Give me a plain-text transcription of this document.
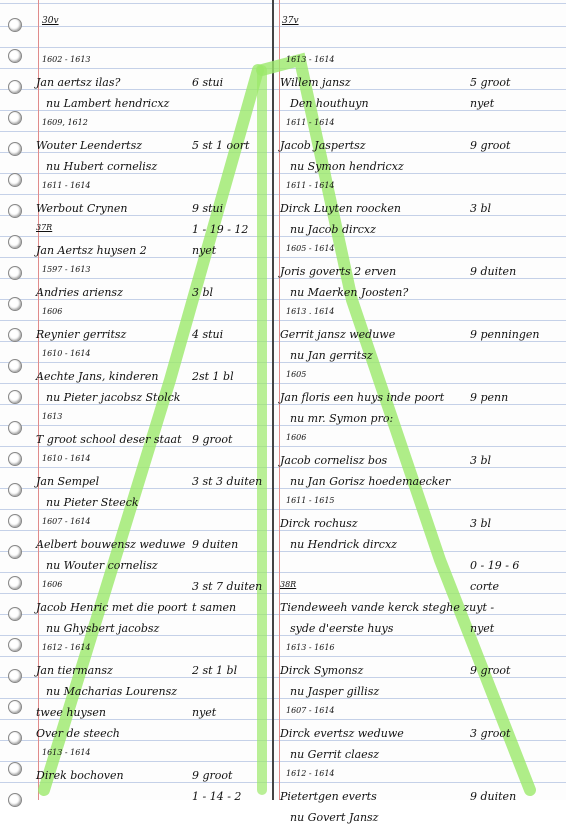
30v	37v
1602 - 1613
Jan aertsz ilas?	6 stui
nu Lambert hendricxz
1609, 1612
Wouter Leendertsz	5 st 1 oort
nu Hubert cornelisz
1611 - 1614
Werbout Crynen	9 stui
37R	1 - 19 - 12
Jan Aertsz huysen 2	nyet
1597 - 1613
Andries ariensz	3 bl
1606
Reynier gerritsz	4 stui
1610 - 1614
Aechte Jans, kinderen	2st 1 bl
nu Pieter jacobsz Stolck
1613
T groot school deser staat 9 groot
1610 - 1614
Jan Sempel	3 st 3 duiten
nu Pieter Steeck
1607 - 1614
Aelbert bouwensz weduwe 9 duiten
nu Wouter cornelisz
1606	3 st 7 duiten
Jacob Henric met die poort t samen
nu Ghysbert jacobsz
1612 - 1614
Jan tiermansz	2 st 1 bl
nu Macharias Lourensz
twee huysen	nyet
Over de steech
1613 - 1614
Direk bochoven	9 groot
1 - 14 - 2
1613 - 1614
Willem jansz	5 groot
Den houthuyn	nyet
1611 - 1614
Jacob Jaspertsz	9 groot
nu Symon hendricxz
1611 - 1614
Dirck Luyten roocken	3 bl
nu Jacob dircxz
1605 - 1614
Joris goverts 2 erven	9 duiten
nu Maerken Joosten?
1613 . 1614
Gerrit jansz weduwe	9 penningen
nu Jan gerritsz
1605
Jan floris een huys inde poort 9 penn
nu mr. Symon pro:
1606
Jacob cornelisz bos	3 bl
nu Jan Gorisz hoedemaecker
1611 - 1615
Dirck rochusz	3 bl
nu Hendrick dircxz
0 - 19 - 6
38R	corte
Tiendeweeh vande kerck steghe zuyt -
syde d'eerste huys	nyet
1613 - 1616
Dirck Symonsz	9 groot
nu Jasper gillisz
1607 - 1614
Dirck evertsz weduwe	3 groot
nu Gerrit claesz
1612 - 1614
Pietertgen everts	9 duiten
nu Govert Jansz
